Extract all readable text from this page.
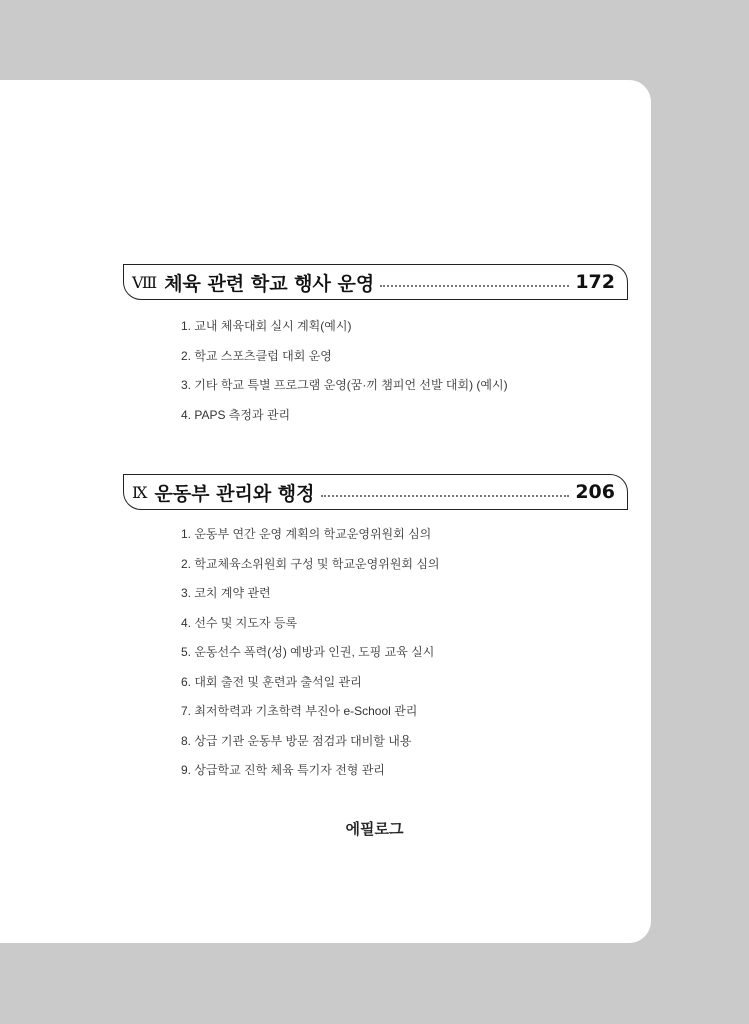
Ⅷ 체육 관련 학교 행사 운영	172
1. 교내 체육대회 실시 계획(예시)
2. 학교 스포츠클럽 대회 운영
3. 기타 학교 특별 프로그램 운영(꿈·끼 챔피언 선발 대회) (예시)
4. PAPS 측정과 관리
Ⅸ 운동부 관리와 행정	206
1. 운동부 연간 운영 계획의 학교운영위원회 심의
2. 학교체육소위원회 구성 및 학교운영위원회 심의
3. 코치 계약 관련
4. 선수 및 지도자 등록
5. 운동선수 폭력(성) 예방과 인권, 도핑 교육 실시
6. 대회 출전 및 훈련과 출석일 관리
7. 최저학력과 기초학력 부진아 e-School 관리
8. 상급 기관 운동부 방문 점검과 대비할 내용
9. 상급학교 진학 체육 특기자 전형 관리
에필로그
